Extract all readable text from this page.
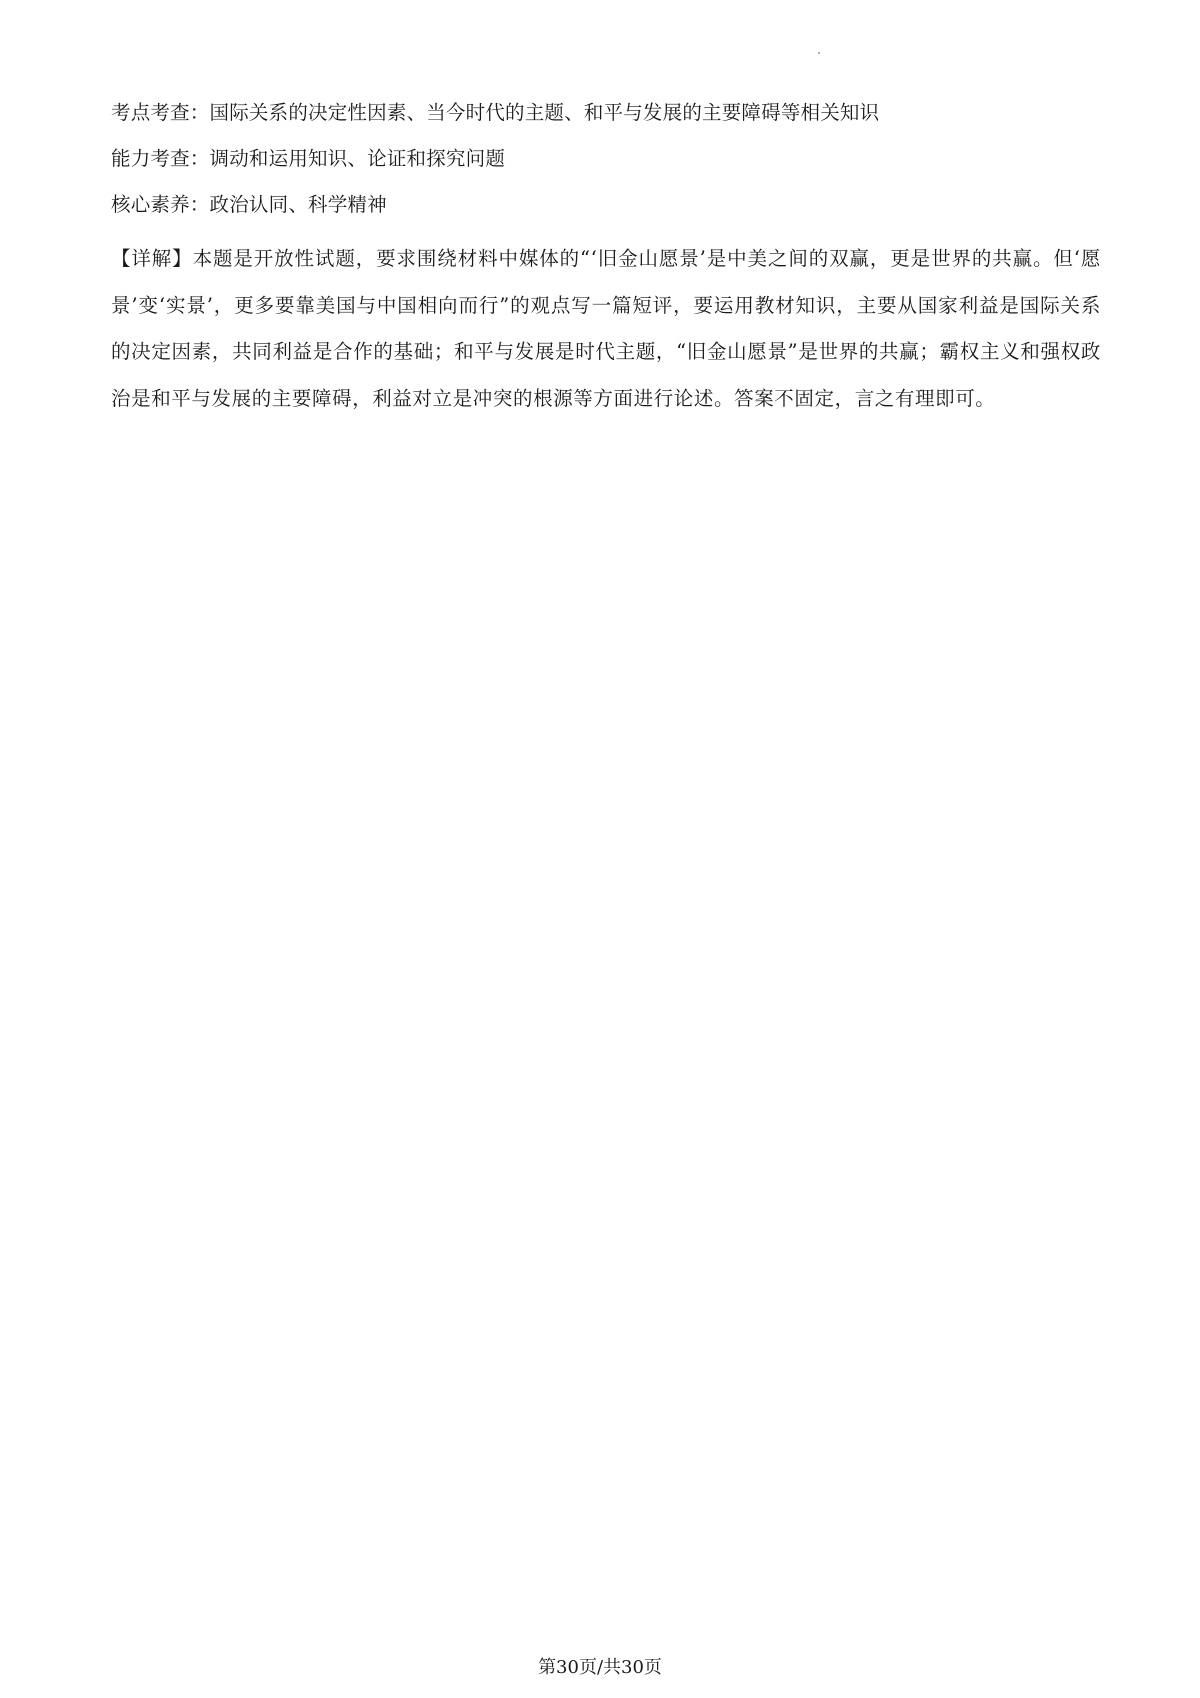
考点考查：国际关系的决定性因素、当今时代的主题、和平与发展的主要障碍等相关知识
能力考查：调动和运用知识、论证和探究问题
核心素养：政治认同、科学精神

【详解】本题是开放性试题，要求围绕材料中媒体的“‘旧金山愿景’是中美之间的双赢，更是世界的共赢。但‘愿景’变‘实景’，更多要靠美国与中国相向而行”的观点写一篇短评，要运用教材知识，主要从国家利益是国际关系的决定因素，共同利益是合作的基础；和平与发展是时代主题，“旧金山愿景”是世界的共赢；霸权主义和强权政治是和平与发展的主要障碍，利益对立是冲突的根源等方面进行论述。答案不固定，言之有理即可。

第30页/共30页
